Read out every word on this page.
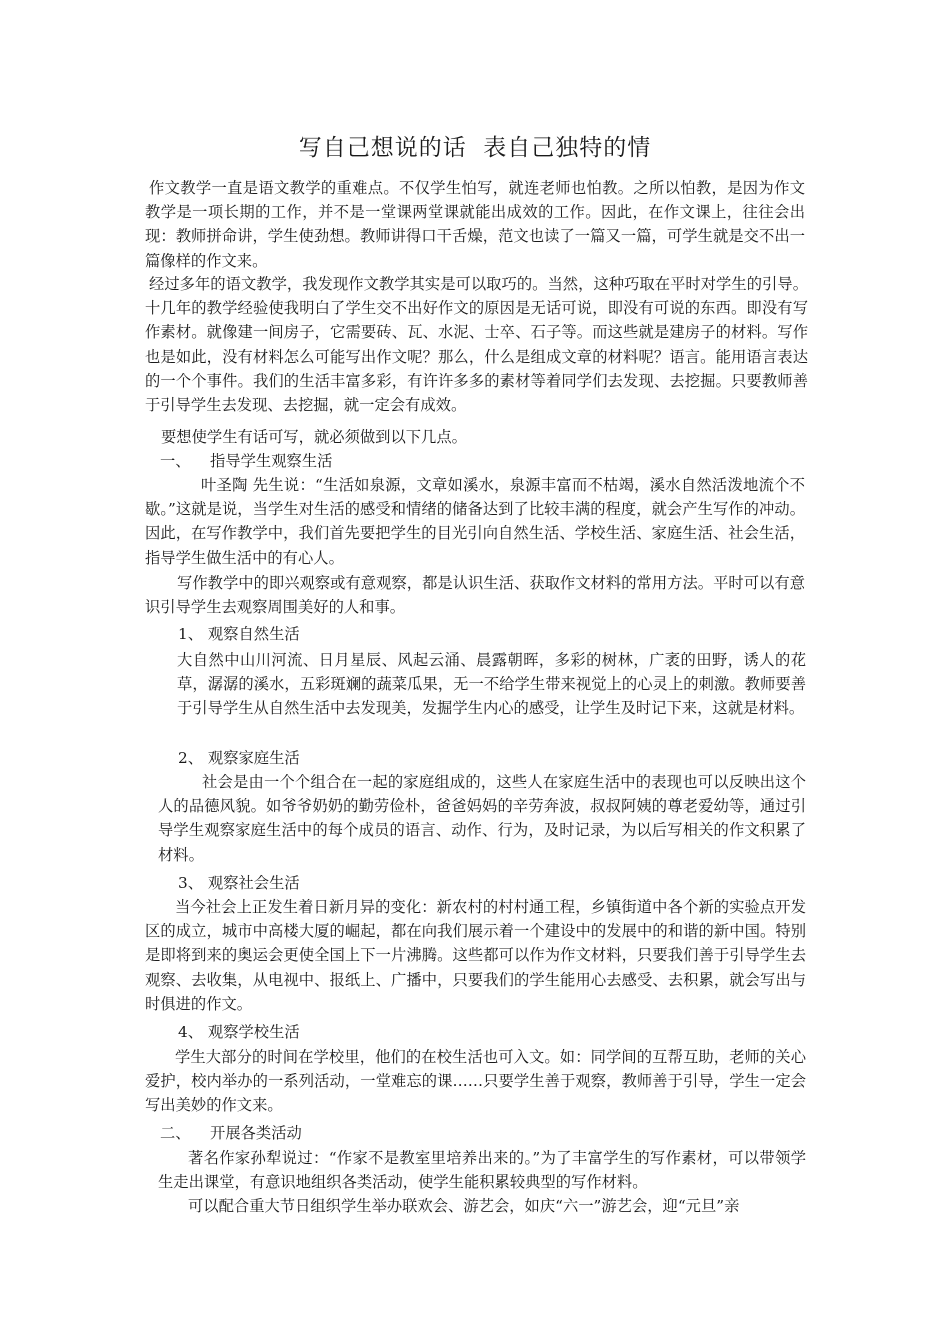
写自己想说的话  表自己独特的情
作文教学一直是语文教学的重难点。不仅学生怕写，就连老师也怕教。之所以怕教，是因为作文教学是一项长期的工作，并不是一堂课两堂课就能出成效的工作。因此，在作文课上，往往会出现：教师拼命讲，学生使劲想。教师讲得口干舌燥，范文也读了一篇又一篇，可学生就是交不出一篇像样的作文来。
经过多年的语文教学，我发现作文教学其实是可以取巧的。当然，这种巧取在平时对学生的引导。十几年的教学经验使我明白了学生交不出好作文的原因是无话可说，即没有可说的东西。即没有写作素材。就像建一间房子，它需要砖、瓦、水泥、士卒、石子等。而这些就是建房子的材料。写作也是如此，没有材料怎么可能写出作文呢？那么，什么是组成文章的材料呢？语言。能用语言表达的一个个事件。我们的生活丰富多彩，有许许多多的素材等着同学们去发现、去挖掘。只要教师善于引导学生去发现、去挖掘，就一定会有成效。
要想使学生有话可写，就必须做到以下几点。
一、    指导学生观察生活
叶圣陶 先生说：“生活如泉源，文章如溪水，泉源丰富而不枯竭，溪水自然活泼地流个不歇。”这就是说，当学生对生活的感受和情绪的储备达到了比较丰满的程度，就会产生写作的冲动。因此，在写作教学中，我们首先要把学生的目光引向自然生活、学校生活、家庭生活、社会生活，指导学生做生活中的有心人。
写作教学中的即兴观察或有意观察，都是认识生活、获取作文材料的常用方法。平时可以有意识引导学生去观察周围美好的人和事。
1、 观察自然生活
大自然中山川河流、日月星辰、风起云涌、晨露朝晖，多彩的树林，广袤的田野，诱人的花草，潺潺的溪水，五彩斑斓的蔬菜瓜果，无一不给学生带来视觉上的心灵上的刺激。教师要善于引导学生从自然生活中去发现美，发掘学生内心的感受，让学生及时记下来，这就是材料。
2、 观察家庭生活
社会是由一个个组合在一起的家庭组成的，这些人在家庭生活中的表现也可以反映出这个人的品德风貌。如爷爷奶奶的勤劳俭朴，爸爸妈妈的辛劳奔波，叔叔阿姨的尊老爱幼等，通过引导学生观察家庭生活中的每个成员的语言、动作、行为，及时记录，为以后写相关的作文积累了材料。
3、 观察社会生活
当今社会上正发生着日新月异的变化：新农村的村村通工程，乡镇街道中各个新的实验点开发区的成立，城市中高楼大厦的崛起，都在向我们展示着一个建设中的发展中的和谐的新中国。特别是即将到来的奥运会更使全国上下一片沸腾。这些都可以作为作文材料，只要我们善于引导学生去观察、去收集，从电视中、报纸上、广播中，只要我们的学生能用心去感受、去积累，就会写出与时俱进的作文。
4、 观察学校生活
学生大部分的时间在学校里，他们的在校生活也可入文。如：同学间的互帮互助，老师的关心爱护，校内举办的一系列活动，一堂难忘的课……只要学生善于观察，教师善于引导，学生一定会写出美妙的作文来。
二、    开展各类活动
著名作家孙犁说过：“作家不是教室里培养出来的。”为了丰富学生的写作素材，可以带领学生走出课堂，有意识地组织各类活动，使学生能积累较典型的写作材料。
可以配合重大节日组织学生举办联欢会、游艺会，如庆“六一”游艺会，迎“元旦”亲
